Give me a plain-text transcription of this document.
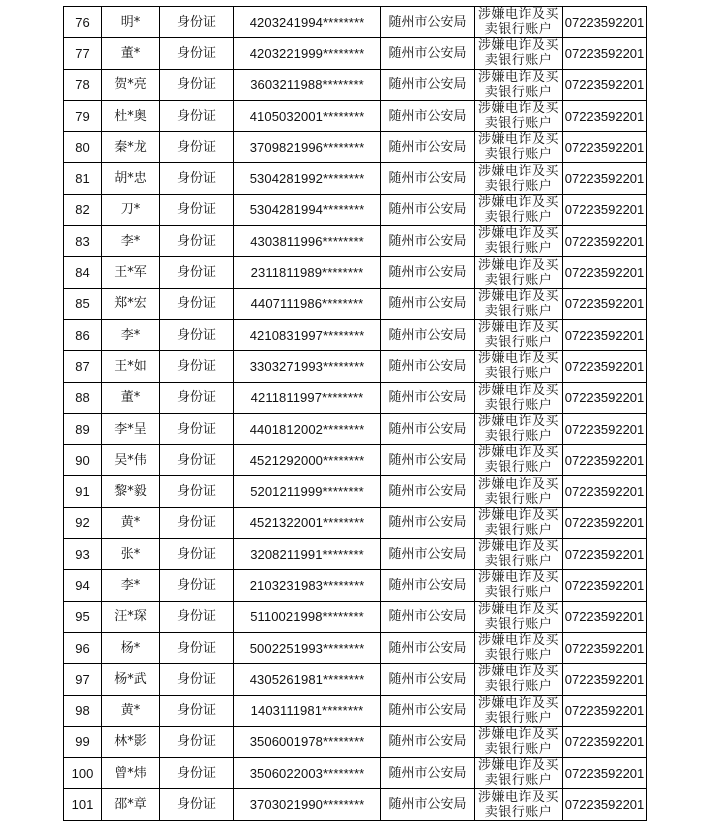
76	明*	身份证	4203241994********	随州市公安局	涉嫌电诈及买
卖银行账户	07223592201
77	董*	身份证	4203221999********	随州市公安局	涉嫌电诈及买
卖银行账户	07223592201
78	贺*亮	身份证	3603211988********	随州市公安局	涉嫌电诈及买
卖银行账户	07223592201
79	杜*奥	身份证	4105032001********	随州市公安局	涉嫌电诈及买
卖银行账户	07223592201
80	秦*龙	身份证	3709821996********	随州市公安局	涉嫌电诈及买
卖银行账户	07223592201
81	胡*忠	身份证	5304281992********	随州市公安局	涉嫌电诈及买
卖银行账户	07223592201
82	刀*	身份证	5304281994********	随州市公安局	涉嫌电诈及买
卖银行账户	07223592201
83	李*	身份证	4303811996********	随州市公安局	涉嫌电诈及买
卖银行账户	07223592201
84	王*军	身份证	2311811989********	随州市公安局	涉嫌电诈及买
卖银行账户	07223592201
85	郑*宏	身份证	4407111986********	随州市公安局	涉嫌电诈及买
卖银行账户	07223592201
86	李*	身份证	4210831997********	随州市公安局	涉嫌电诈及买
卖银行账户	07223592201
87	王*如	身份证	3303271993********	随州市公安局	涉嫌电诈及买
卖银行账户	07223592201
88	董*	身份证	4211811997********	随州市公安局	涉嫌电诈及买
卖银行账户	07223592201
89	李*呈	身份证	4401812002********	随州市公安局	涉嫌电诈及买
卖银行账户	07223592201
90	吴*伟	身份证	4521292000********	随州市公安局	涉嫌电诈及买
卖银行账户	07223592201
91	黎*毅	身份证	5201211999********	随州市公安局	涉嫌电诈及买
卖银行账户	07223592201
92	黄*	身份证	4521322001********	随州市公安局	涉嫌电诈及买
卖银行账户	07223592201
93	张*	身份证	3208211991********	随州市公安局	涉嫌电诈及买
卖银行账户	07223592201
94	李*	身份证	2103231983********	随州市公安局	涉嫌电诈及买
卖银行账户	07223592201
95	汪*琛	身份证	5110021998********	随州市公安局	涉嫌电诈及买
卖银行账户	07223592201
96	杨*	身份证	5002251993********	随州市公安局	涉嫌电诈及买
卖银行账户	07223592201
97	杨*武	身份证	4305261981********	随州市公安局	涉嫌电诈及买
卖银行账户	07223592201
98	黄*	身份证	1403111981********	随州市公安局	涉嫌电诈及买
卖银行账户	07223592201
99	林*影	身份证	3506001978********	随州市公安局	涉嫌电诈及买
卖银行账户	07223592201
100	曾*炜	身份证	3506022003********	随州市公安局	涉嫌电诈及买
卖银行账户	07223592201
101	邵*章	身份证	3703021990********	随州市公安局	涉嫌电诈及买
卖银行账户	07223592201
